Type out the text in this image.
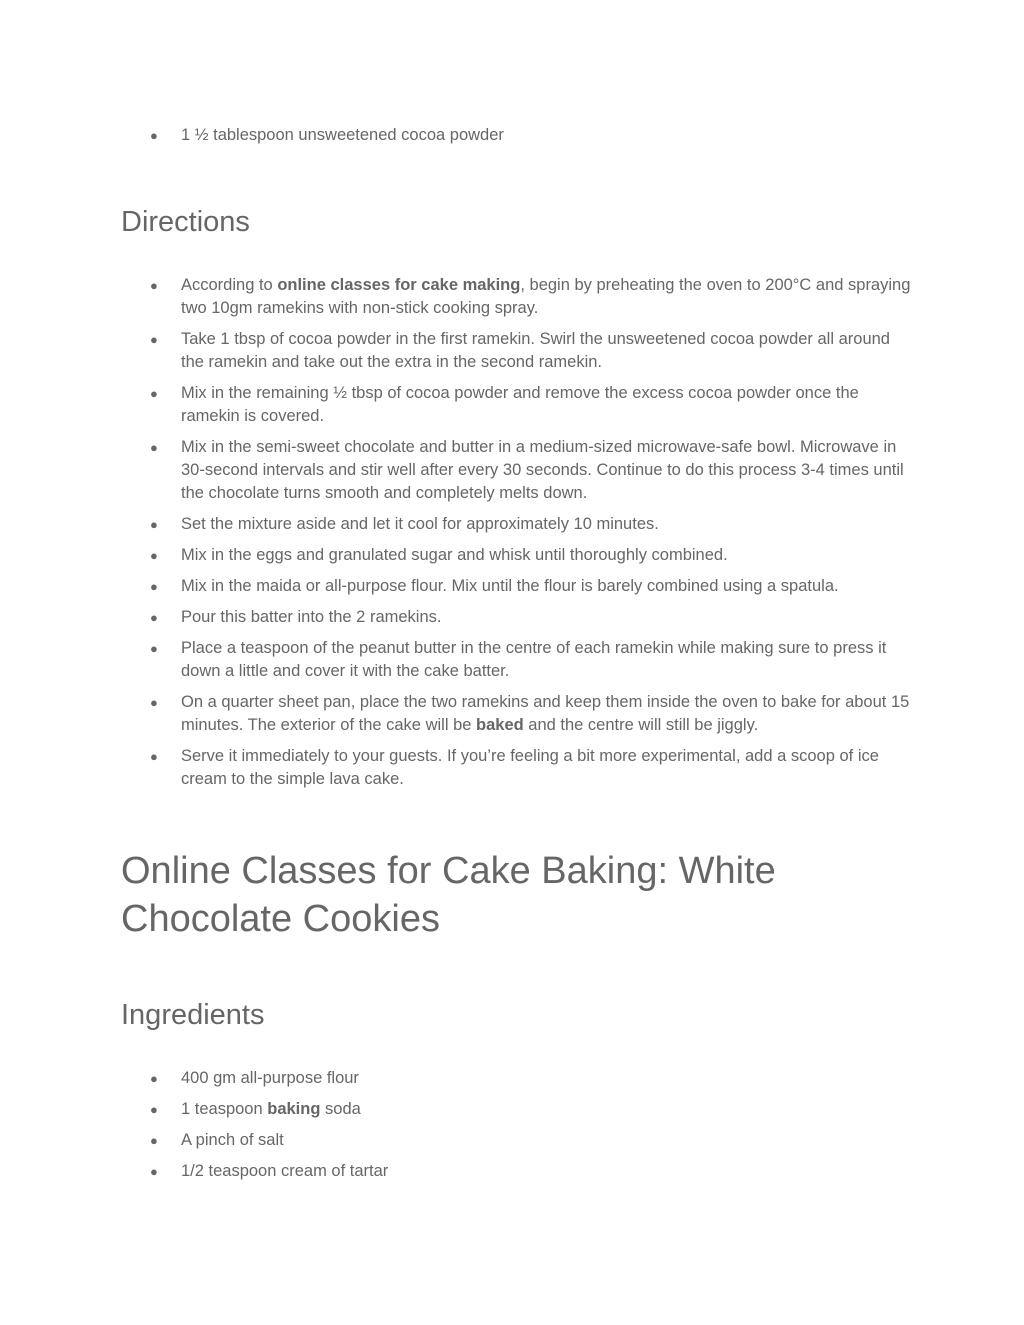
●	1 ½ tablespoon unsweetened cocoa powder
Directions
●	According to online classes for cake making, begin by preheating the oven to 200°C and spraying two 10gm ramekins with non-stick cooking spray.
●	Take 1 tbsp of cocoa powder in the first ramekin. Swirl the unsweetened cocoa powder all around the ramekin and take out the extra in the second ramekin.
●	Mix in the remaining ½ tbsp of cocoa powder and remove the excess cocoa powder once the ramekin is covered.
●	Mix in the semi-sweet chocolate and butter in a medium-sized microwave-safe bowl. Microwave in 30-second intervals and stir well after every 30 seconds. Continue to do this process 3-4 times until the chocolate turns smooth and completely melts down.
●	Set the mixture aside and let it cool for approximately 10 minutes.
●	Mix in the eggs and granulated sugar and whisk until thoroughly combined.
●	Mix in the maida or all-purpose flour. Mix until the flour is barely combined using a spatula.
●	Pour this batter into the 2 ramekins.
●	Place a teaspoon of the peanut butter in the centre of each ramekin while making sure to press it down a little and cover it with the cake batter.
●	On a quarter sheet pan, place the two ramekins and keep them inside the oven to bake for about 15 minutes. The exterior of the cake will be baked and the centre will still be jiggly.
●	Serve it immediately to your guests. If you’re feeling a bit more experimental, add a scoop of ice cream to the simple lava cake.
Online Classes for Cake Baking: White Chocolate Cookies
Ingredients
●	400 gm all-purpose flour
●	1 teaspoon baking soda
●	A pinch of salt
●	1/2 teaspoon cream of tartar
